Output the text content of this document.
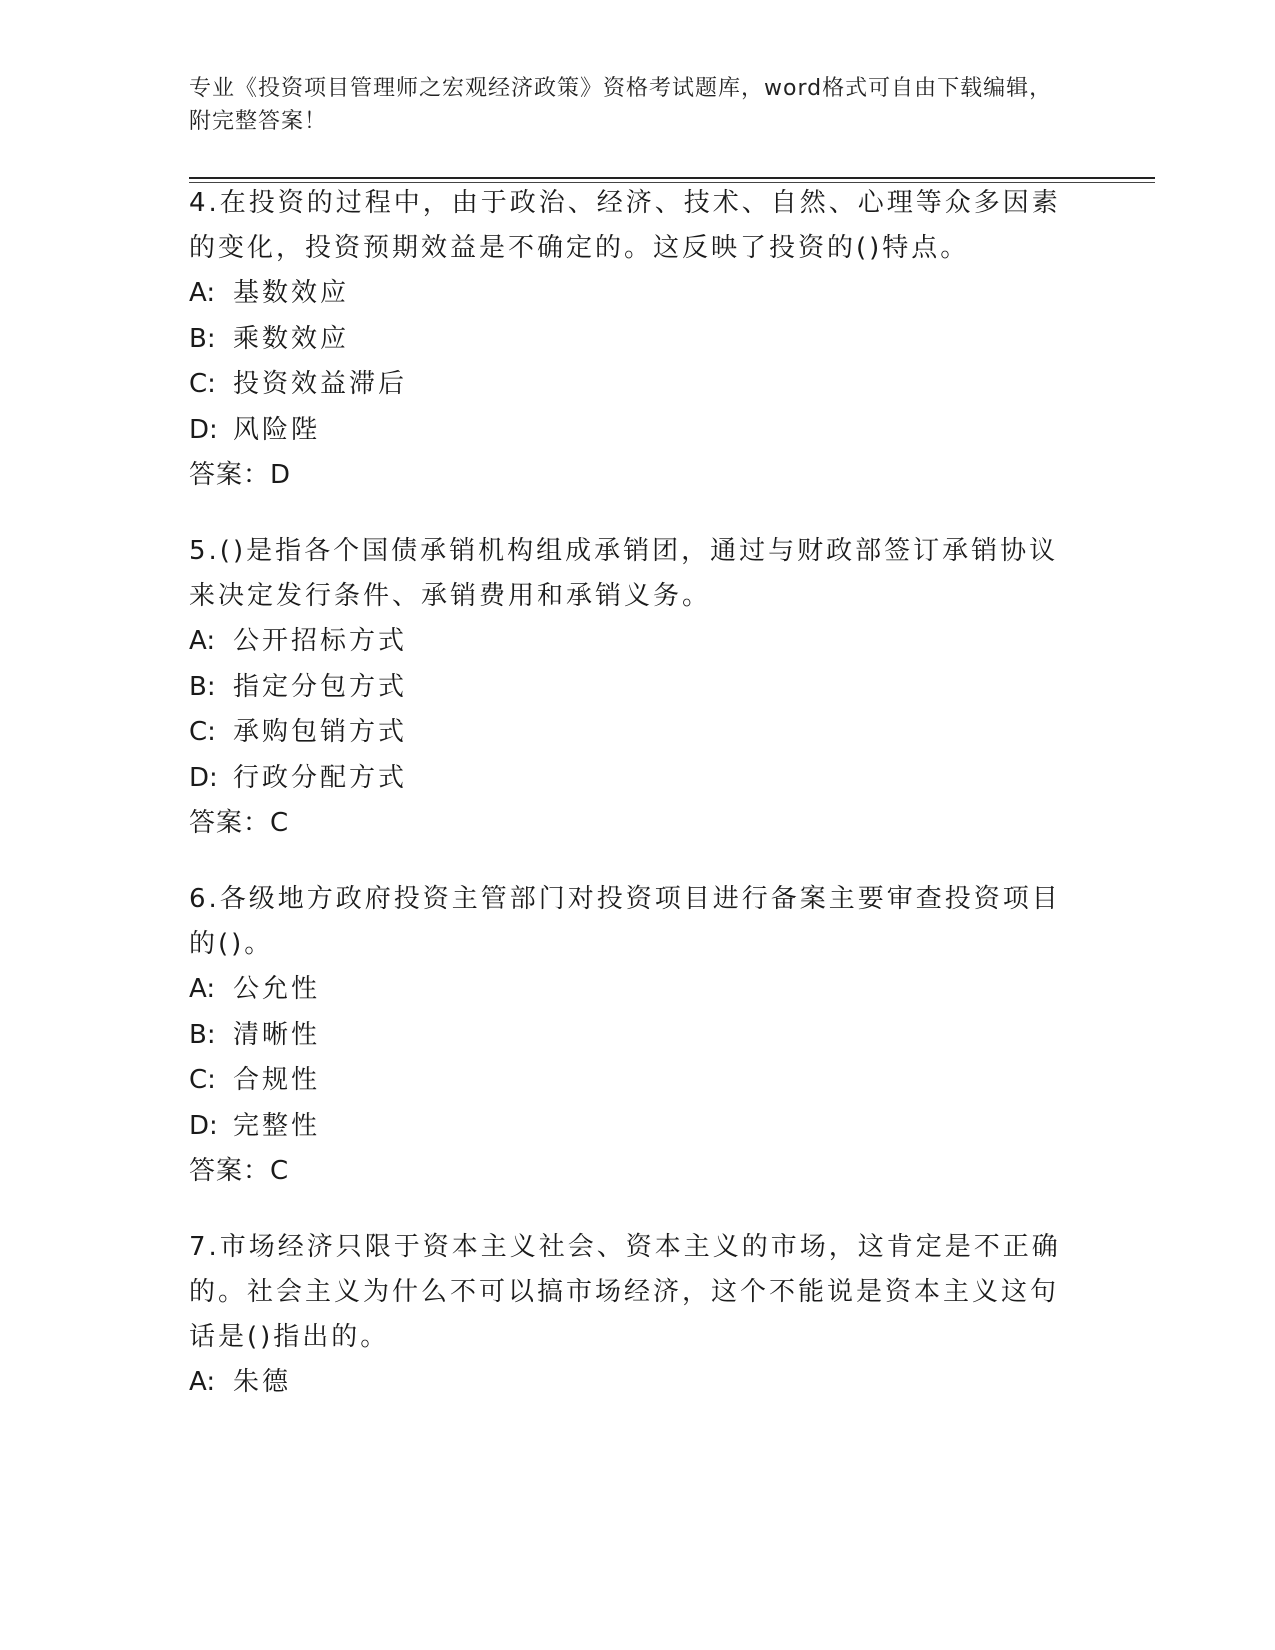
专业《投资项目管理师之宏观经济政策》资格考试题库，word格式可自由下载编辑，附完整答案！

4.在投资的过程中，由于政治、经济、技术、自然、心理等众多因素的变化，投资预期效益是不确定的。这反映了投资的()特点。

A: 基数效应

B: 乘数效应

C: 投资效益滞后

D: 风险陛

答案：D

5.()是指各个国债承销机构组成承销团，通过与财政部签订承销协议来决定发行条件、承销费用和承销义务。

A: 公开招标方式

B: 指定分包方式

C: 承购包销方式

D: 行政分配方式

答案：C

6.各级地方政府投资主管部门对投资项目进行备案主要审查投资项目的()。

A: 公允性

B: 清晰性

C: 合规性

D: 完整性

答案：C

7.市场经济只限于资本主义社会、资本主义的市场，这肯定是不正确的。社会主义为什么不可以搞市场经济，这个不能说是资本主义这句话是()指出的。

A: 朱德
